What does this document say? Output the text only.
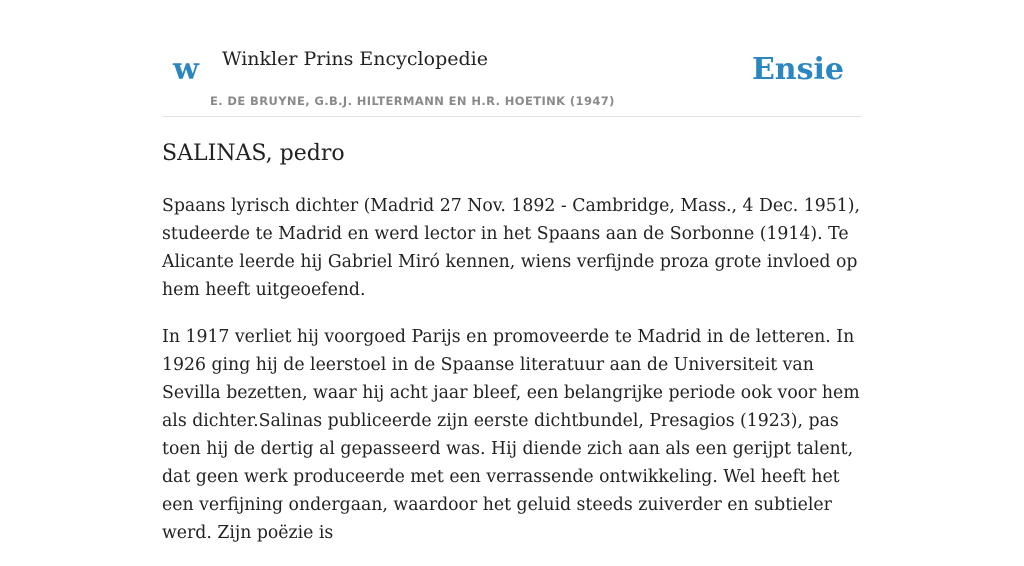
w Winkler Prins Encyclopedie
E. DE BRUYNE, G.B.J. HILTERMANN EN H.R. HOETINK (1947)
Ensie
SALINAS, pedro

Spaans lyrisch dichter (Madrid 27 Nov. 1892 - Cambridge, Mass., 4 Dec. 1951), studeerde te Madrid en werd lector in het Spaans aan de Sorbonne (1914). Te Alicante leerde hij Gabriel Miró kennen, wiens verfijnde proza grote invloed op hem heeft uitgeoefend.

In 1917 verliet hij voorgoed Parijs en promoveerde te Madrid in de letteren. In 1926 ging hij de leerstoel in de Spaanse literatuur aan de Universiteit van Sevilla bezetten, waar hij acht jaar bleef, een belangrijke periode ook voor hem als dichter.Salinas publiceerde zijn eerste dichtbundel, Presagios (1923), pas toen hij de dertig al gepasseerd was. Hij diende zich aan als een gerijpt talent, dat geen werk produceerde met een verrassende ontwikkeling. Wel heeft het een verfijning ondergaan, waardoor het geluid steeds zuiverder en subtieler werd. Zijn poëzie is
